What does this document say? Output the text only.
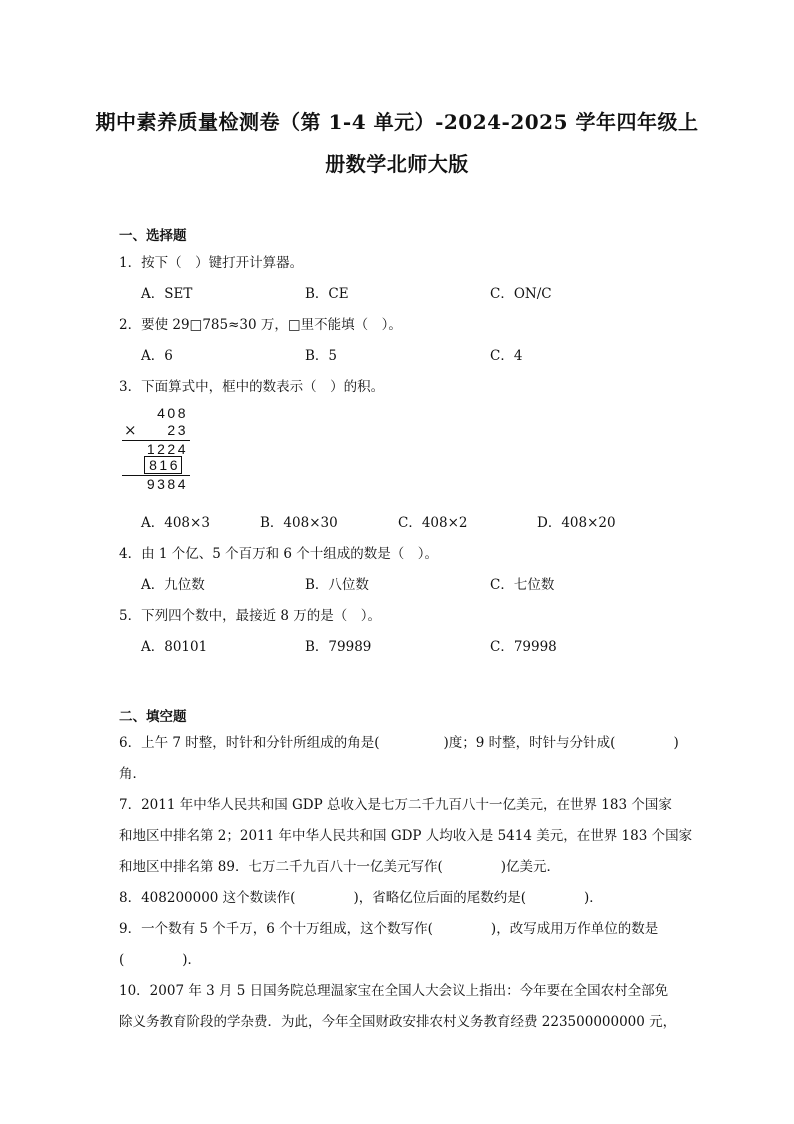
期中素养质量检测卷（第 1-4 单元）-2024-2025 学年四年级上
册数学北师大版
一、选择题
1．按下（　）键打开计算器。
A．SET	B．CE	C．ON/C
2．要使 29□785≈30 万，□里不能填（　）。
A．6	B．5	C．4
3．下面算式中，框中的数表示（　）的积。
408
× 23
1224
816
9384
A．408×3	B．408×30	C．408×2	D．408×20
4．由 1 个亿、5 个百万和 6 个十组成的数是（　）。
A．九位数	B．八位数	C．七位数
5．下列四个数中，最接近 8 万的是（　）。
A．80101	B．79989	C．79998
二、填空题
6．上午 7 时整，时针和分针所组成的角是(	)度；9 时整，时针与分针成(	)
角．
7．2011 年中华人民共和国 GDP 总收入是七万二千九百八十一亿美元，在世界 183 个国家
和地区中排名第 2；2011 年中华人民共和国 GDP 人均收入是 5414 美元，在世界 183 个国家
和地区中排名第 89．七万二千九百八十一亿美元写作(	)亿美元．
8．408200000 这个数读作(	)，省略亿位后面的尾数约是(	)．
9．一个数有 5 个千万，6 个十万组成，这个数写作(	)，改写成用万作单位的数是
(	)．
10．2007 年 3 月 5 日国务院总理温家宝在全国人大会议上指出：今年要在全国农村全部免
除义务教育阶段的学杂费．为此，今年全国财政安排农村义务教育经费 223500000000 元，
